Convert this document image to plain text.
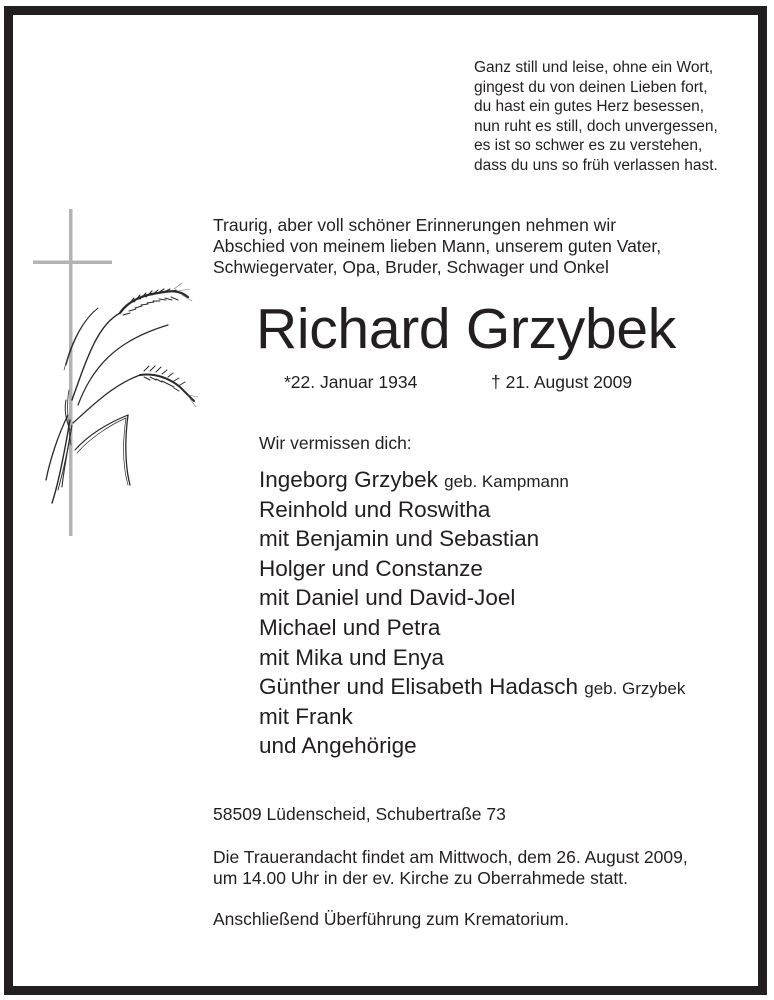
Ganz still und leise, ohne ein Wort,
gingest du von deinen Lieben fort,
du hast ein gutes Herz besessen,
nun ruht es still, doch unvergessen,
es ist so schwer es zu verstehen,
dass du uns so früh verlassen hast.
Traurig, aber voll schöner Erinnerungen nehmen wir
Abschied von meinem lieben Mann, unserem guten Vater,
Schwiegervater, Opa, Bruder, Schwager und Onkel
Richard Grzybek
*22. Januar 1934	† 21. August 2009
Wir vermissen dich:
Ingeborg Grzybek geb. Kampmann
Reinhold und Roswitha
mit Benjamin und Sebastian
Holger und Constanze
mit Daniel und David-Joel
Michael und Petra
mit Mika und Enya
Günther und Elisabeth Hadasch geb. Grzybek
mit Frank
und Angehörige
58509 Lüdenscheid, Schubertraße 73
Die Trauerandacht findet am Mittwoch, dem 26. August 2009,
um 14.00 Uhr in der ev. Kirche zu Oberrahmede statt.
Anschließend Überführung zum Krematorium.
